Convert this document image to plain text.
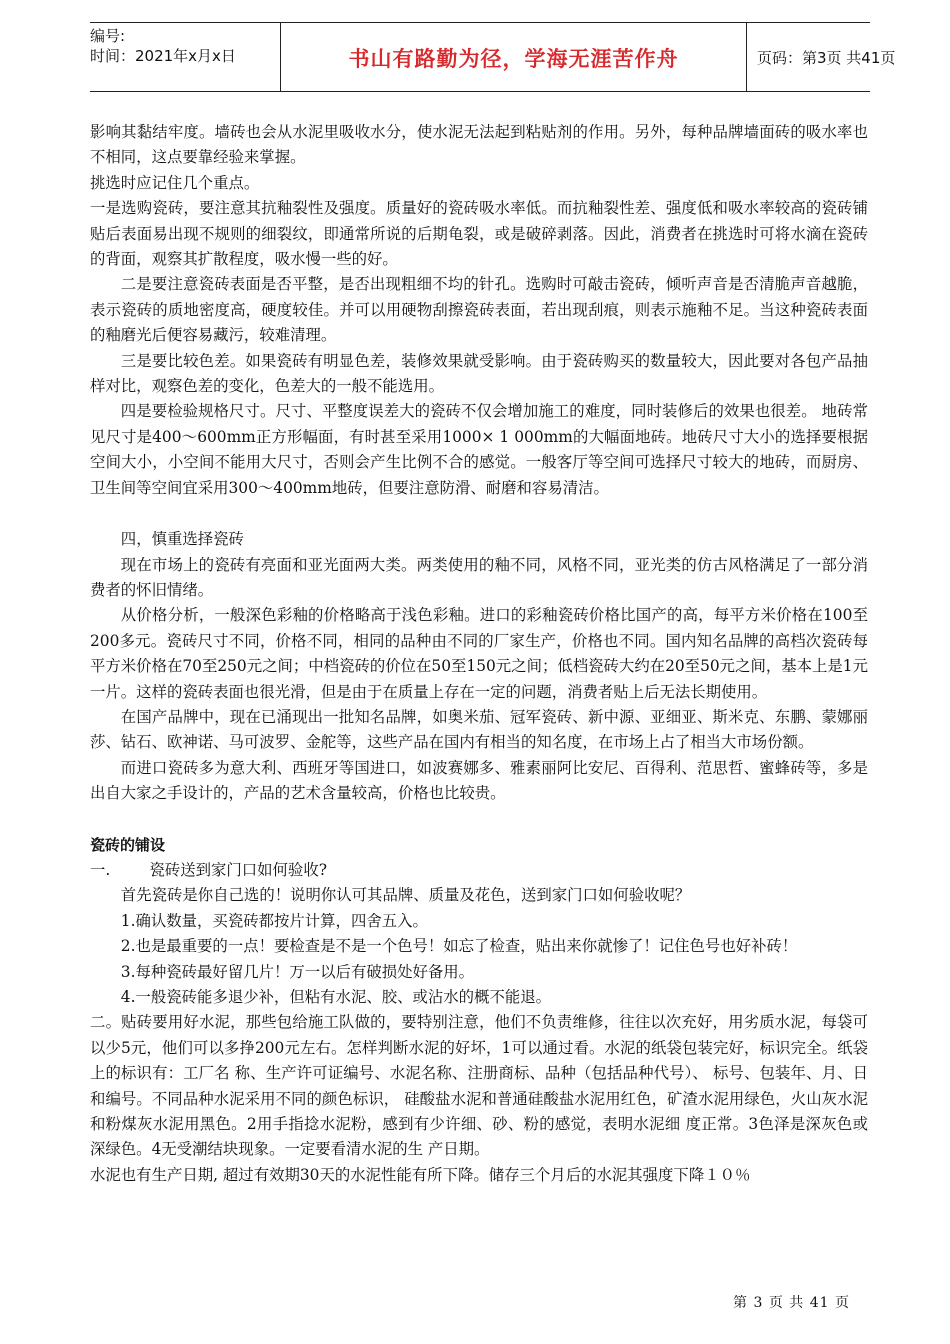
编号:
时间：2021年x月x日	书山有路勤为径，学海无涯苦作舟	页码：第3页 共41页

影响其黏结牢度。墙砖也会从水泥里吸收水分，使水泥无法起到粘贴剂的作用。另外，每种品牌墙面砖的吸水率也不相同，这点要靠经验来掌握。

挑选时应记住几个重点。

一是选购瓷砖，要注意其抗釉裂性及强度。质量好的瓷砖吸水率低。而抗釉裂性差、强度低和吸水率较高的瓷砖铺贴后表面易出现不规则的细裂纹，即通常所说的后期龟裂，或是破碎剥落。因此，消费者在挑选时可将水滴在瓷砖的背面，观察其扩散程度，吸水慢一些的好。

二是要注意瓷砖表面是否平整，是否出现粗细不均的针孔。选购时可敲击瓷砖，倾听声音是否清脆声音越脆，表示瓷砖的质地密度高，硬度较佳。并可以用硬物刮擦瓷砖表面，若出现刮痕，则表示施釉不足。当这种瓷砖表面的釉磨光后便容易藏污，较难清理。

三是要比较色差。如果瓷砖有明显色差，装修效果就受影响。由于瓷砖购买的数量较大，因此要对各包产品抽样对比，观察色差的变化，色差大的一般不能选用。

四是要检验规格尺寸。尺寸、平整度误差大的瓷砖不仅会增加施工的难度，同时装修后的效果也很差。 地砖常见尺寸是400～600mm正方形幅面，有时甚至采用1000× 1 000mm的大幅面地砖。地砖尺寸大小的选择要根据空间大小，小空间不能用大尺寸，否则会产生比例不合的感觉。一般客厅等空间可选择尺寸较大的地砖，而厨房、卫生间等空间宜采用300～400mm地砖，但要注意防滑、耐磨和容易清洁。

四，慎重选择瓷砖

现在市场上的瓷砖有亮面和亚光面两大类。两类使用的釉不同，风格不同，亚光类的仿古风格满足了一部分消费者的怀旧情绪。

从价格分析，一般深色彩釉的价格略高于浅色彩釉。进口的彩釉瓷砖价格比国产的高，每平方米价格在100至200多元。瓷砖尺寸不同，价格不同，相同的品种由不同的厂家生产，价格也不同。国内知名品牌的高档次瓷砖每平方米价格在70至250元之间；中档瓷砖的价位在50至150元之间；低档瓷砖大约在20至50元之间，基本上是1元一片。这样的瓷砖表面也很光滑，但是由于在质量上存在一定的问题，消费者贴上后无法长期使用。

在国产品牌中，现在已涌现出一批知名品牌，如奥米茄、冠军瓷砖、新中源、亚细亚、斯米克、东鹏、蒙娜丽莎、钻石、欧神诺、马可波罗、金舵等，这些产品在国内有相当的知名度，在市场上占了相当大市场份额。

而进口瓷砖多为意大利、西班牙等国进口，如波赛娜多、雅素丽阿比安尼、百得利、范思哲、蜜蜂砖等，多是出自大家之手设计的，产品的艺术含量较高，价格也比较贵。

瓷砖的铺设

一.        瓷砖送到家门口如何验收?

首先瓷砖是你自己选的！说明你认可其品牌、质量及花色，送到家门口如何验收呢？

1.确认数量，买瓷砖都按片计算，四舍五入。

2.也是最重要的一点！要检查是不是一个色号！如忘了检查，贴出来你就惨了！记住色号也好补砖！

3.每种瓷砖最好留几片！万一以后有破损处好备用。

4.一般瓷砖能多退少补，但粘有水泥、胶、或沾水的概不能退。

二。贴砖要用好水泥，那些包给施工队做的，要特别注意，他们不负责维修，往往以次充好，用劣质水泥，每袋可以少5元，他们可以多挣200元左右。怎样判断水泥的好坏，1可以通过看。水泥的纸袋包装完好，标识完全。纸袋上的标识有：工厂名 称、生产许可证编号、水泥名称、注册商标、品种（包括品种代号）、 标号、包装年、月、日和编号。不同品种水泥采用不同的颜色标识， 硅酸盐水泥和普通硅酸盐水泥用红色，矿渣水泥用绿色，火山灰水泥和粉煤灰水泥用黑色。2用手指捻水泥粉，感到有少许细、砂、粉的感觉，表明水泥细 度正常。3色泽是深灰色或深绿色。4无受潮结块现象。一定要看清水泥的生 产日期。

水泥也有生产日期, 超过有效期30天的水泥性能有所下降。储存三个月后的水泥其强度下降１０％

第 3 页 共 41 页
